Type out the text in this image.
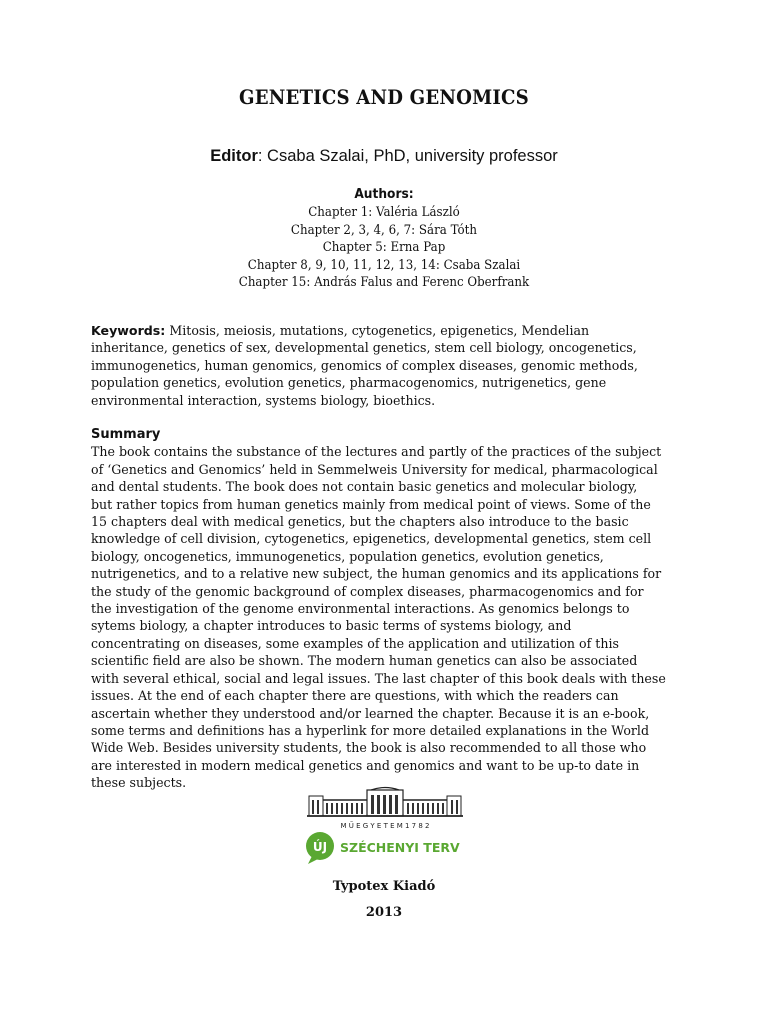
GENETICS AND GENOMICS
Editor: Csaba Szalai, PhD, university professor
Authors:
Chapter 1: Valéria László
Chapter 2, 3, 4, 6, 7: Sára Tóth
Chapter 5: Erna Pap
Chapter 8, 9, 10, 11, 12, 13, 14: Csaba Szalai
Chapter 15: András Falus and Ferenc Oberfrank
Keywords: Mitosis, meiosis, mutations, cytogenetics, epigenetics, Mendelian
inheritance, genetics of sex, developmental genetics, stem cell biology, oncogenetics,
immunogenetics, human genomics, genomics of complex diseases, genomic methods,
population genetics, evolution genetics, pharmacogenomics, nutrigenetics, gene
environmental interaction, systems biology, bioethics.
Summary
The book contains the substance of the lectures and partly of the practices of the subject
of ‘Genetics and Genomics’ held in Semmelweis University for medical, pharmacological
and dental students. The book does not contain basic genetics and molecular biology,
but rather topics from human genetics mainly from medical point of views. Some of the
15 chapters deal with medical genetics, but the chapters also introduce to the basic
knowledge of cell division, cytogenetics, epigenetics, developmental genetics, stem cell
biology, oncogenetics, immunogenetics, population genetics, evolution genetics,
nutrigenetics, and to a relative new subject, the human genomics and its applications for
the study of the genomic background of complex diseases, pharmacogenomics and for
the investigation of the genome environmental interactions. As genomics belongs to
sytems biology, a chapter introduces to basic terms of systems biology, and
concentrating on diseases, some examples of the application and utilization of this
scientific field are also be shown. The modern human genetics can also be associated
with several ethical, social and legal issues. The last chapter of this book deals with these
issues. At the end of each chapter there are questions, with which the readers can
ascertain whether they understood and/or learned the chapter. Because it is an e-book,
some terms and definitions has a hyperlink for more detailed explanations in the World
Wide Web. Besides university students, the book is also recommended to all those who
are interested in modern medical genetics and genomics and want to be up-to date in
these subjects.
M Ű E G Y E T E M 1 7 8 2
ÚJ SZÉCHENYI TERV
Typotex Kiadó
2013
